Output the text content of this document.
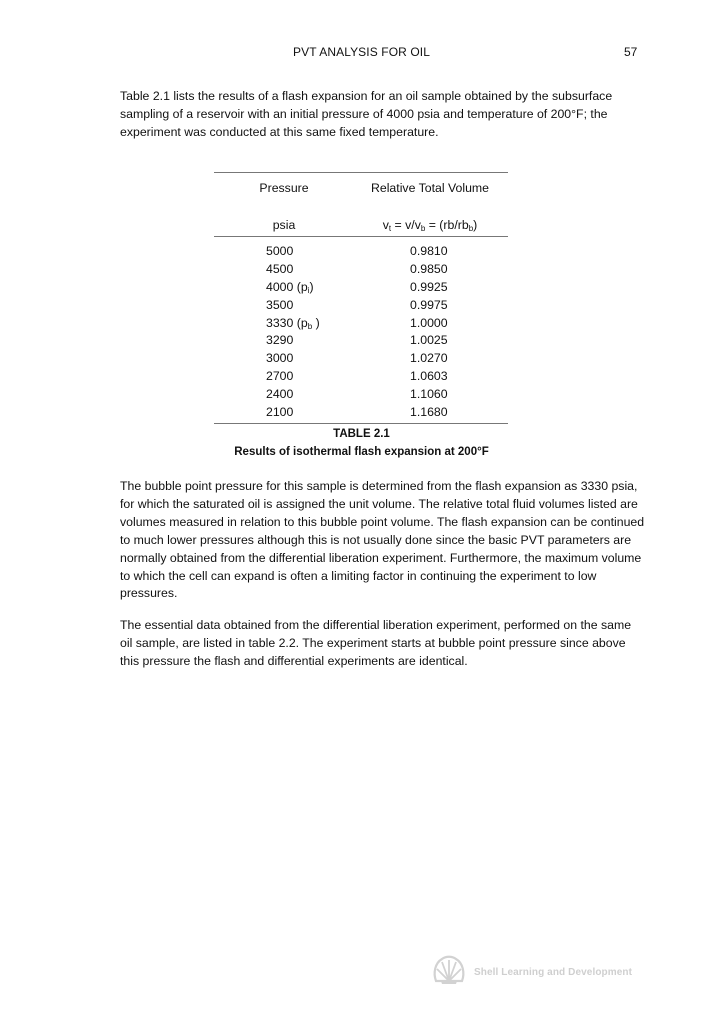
PVT ANALYSIS FOR OIL	57

Table 2.1 lists the results of a flash expansion for an oil sample obtained by the subsurface sampling of a reservoir with an initial pressure of 4000 psia and temperature of 200°F; the experiment was conducted at this same fixed temperature.

Pressure	Relative Total Volume
psia	$v_t = v/v_b = (rb/rb_b)$
5000	0.9810
4500	0.9850
4000 $(p_i)$	0.9925
3500	0.9975
3330 ($p_b$ )	1.0000
3290	1.0025
3000	1.0270
2700	1.0603
2400	1.1060
2100	1.1680
TABLE 2.1
Results of isothermal flash expansion at 200°F

The bubble point pressure for this sample is determined from the flash expansion as 3330 psia, for which the saturated oil is assigned the unit volume. The relative total fluid volumes listed are volumes measured in relation to this bubble point volume. The flash expansion can be continued to much lower pressures although this is not usually done since the basic PVT parameters are normally obtained from the differential liberation experiment. Furthermore, the maximum volume to which the cell can expand is often a limiting factor in continuing the experiment to low pressures.

The essential data obtained from the differential liberation experiment, performed on the same oil sample, are listed in table 2.2. The experiment starts at bubble point pressure since above this pressure the flash and differential experiments are identical.

Shell Learning and Development
